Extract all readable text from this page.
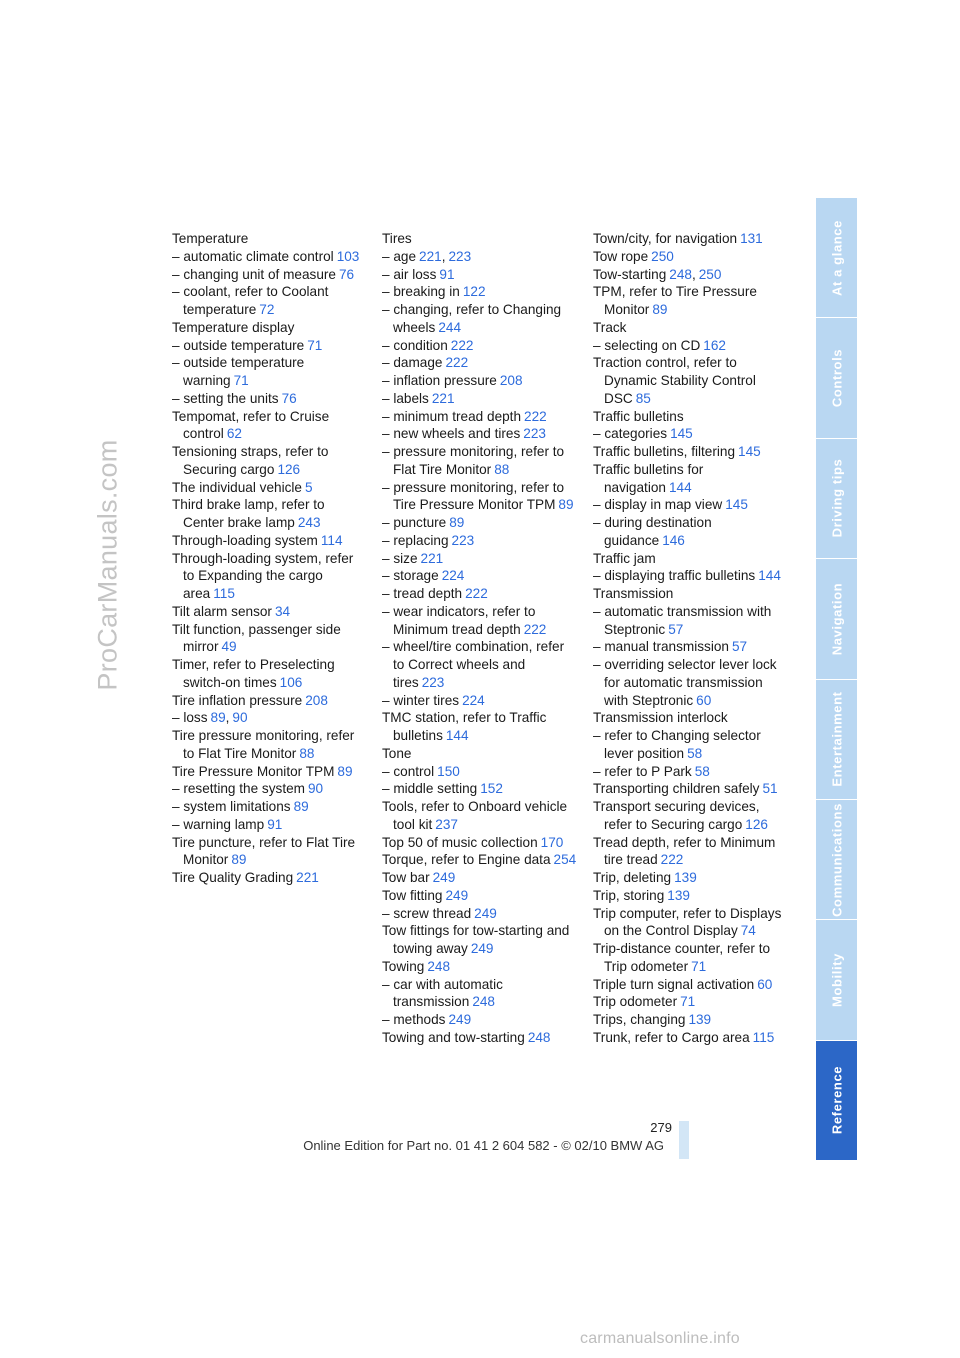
ProCarManuals.com
Temperature
– automatic climate control 103
– changing unit of measure 76
– coolant, refer to Coolant temperature 72
Temperature display
– outside temperature 71
– outside temperature warning 71
– setting the units 76
Tempomat, refer to Cruise control 62
Tensioning straps, refer to Securing cargo 126
The individual vehicle 5
Third brake lamp, refer to Center brake lamp 243
Through-loading system 114
Through-loading system, refer to Expanding the cargo area 115
Tilt alarm sensor 34
Tilt function, passenger side mirror 49
Timer, refer to Preselecting switch-on times 106
Tire inflation pressure 208
– loss 89, 90
Tire pressure monitoring, refer to Flat Tire Monitor 88
Tire Pressure Monitor TPM 89
– resetting the system 90
– system limitations 89
– warning lamp 91
Tire puncture, refer to Flat Tire Monitor 89
Tire Quality Grading 221
Tires
– age 221, 223
– air loss 91
– breaking in 122
– changing, refer to Changing wheels 244
– condition 222
– damage 222
– inflation pressure 208
– labels 221
– minimum tread depth 222
– new wheels and tires 223
– pressure monitoring, refer to Flat Tire Monitor 88
– pressure monitoring, refer to Tire Pressure Monitor TPM 89
– puncture 89
– replacing 223
– size 221
– storage 224
– tread depth 222
– wear indicators, refer to Minimum tread depth 222
– wheel/tire combination, refer to Correct wheels and tires 223
– winter tires 224
TMC station, refer to Traffic bulletins 144
Tone
– control 150
– middle setting 152
Tools, refer to Onboard vehicle tool kit 237
Top 50 of music collection 170
Torque, refer to Engine data 254
Tow bar 249
Tow fitting 249
– screw thread 249
Tow fittings for tow-starting and towing away 249
Towing 248
– car with automatic transmission 248
– methods 249
Towing and tow-starting 248
Town/city, for navigation 131
Tow rope 250
Tow-starting 248, 250
TPM, refer to Tire Pressure Monitor 89
Track
– selecting on CD 162
Traction control, refer to Dynamic Stability Control DSC 85
Traffic bulletins
– categories 145
Traffic bulletins, filtering 145
Traffic bulletins for navigation 144
– display in map view 145
– during destination guidance 146
Traffic jam
– displaying traffic bulletins 144
Transmission
– automatic transmission with Steptronic 57
– manual transmission 57
– overriding selector lever lock for automatic transmission with Steptronic 60
Transmission interlock
– refer to Changing selector lever position 58
– refer to P Park 58
Transporting children safely 51
Transport securing devices, refer to Securing cargo 126
Tread depth, refer to Minimum tire tread 222
Trip, deleting 139
Trip, storing 139
Trip computer, refer to Displays on the Control Display 74
Trip-distance counter, refer to Trip odometer 71
Triple turn signal activation 60
Trip odometer 71
Trips, changing 139
Trunk, refer to Cargo area 115
At a glance
Controls
Driving tips
Navigation
Entertainment
Communications
Mobility
Reference
279
Online Edition for Part no. 01 41 2 604 582 - © 02/10 BMW AG
carmanualsonline.info
